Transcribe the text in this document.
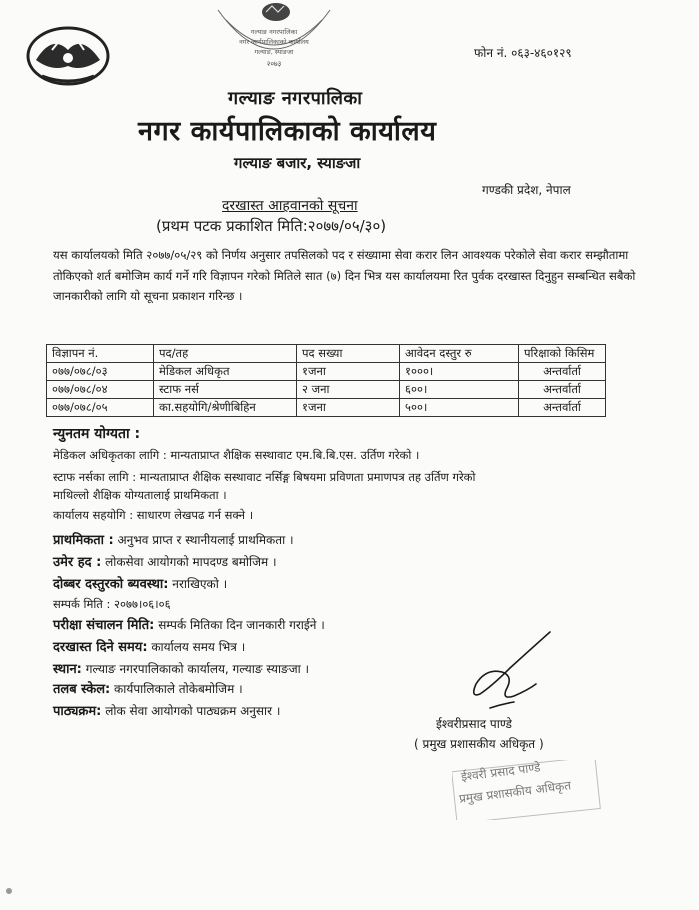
गल्याङ नगरपालिका
नगर कार्यपालिकाको कार्यालय
गल्याङ, स्याङजा
२०७३
फोन नं. ०६३-४६०१२९
गल्याङ नगरपालिका
नगर कार्यपालिकाको कार्यालय
गल्याङ बजार, स्याङजा
गण्डकी प्रदेश, नेपाल
दरखास्त आहवानको सूचना
(प्रथम पटक प्रकाशित मिति:२०७७/०५/३०)
यस कार्यालयको मिति २०७७/०५/२९ को निर्णय अनुसार तपसिलको पद र संख्यामा सेवा करार लिन आवश्यक परेकोले सेवा करार सम्झौतामा तोकिएको शर्त बमोजिम कार्य गर्ने गरि विज्ञापन गरेको मितिले सात (७) दिन भित्र यस कार्यालयमा रित पुर्वक दरखास्त दिनुहुन सम्बन्धित सबैको जानकारीको लागि यो सूचना प्रकाशन गरिन्छ ।
विज्ञापन नं.	पद/तह	पद सख्या	आवेदन दस्तुर रु	परिक्षाको किसिम
०७७/०७८/०३	मेडिकल अधिकृत	१जना	१०००।	अन्तर्वार्ता
०७७/०७८/०४	स्टाफ नर्स	२ जना	६००।	अन्तर्वार्ता
०७७/०७८/०५	का.सहयोगि/श्रेणीबिहिन	१जना	५००।	अन्तर्वार्ता
न्युनतम योग्यता :
मेडिकल अधिकृतका लागि : मान्यताप्राप्त शैक्षिक सस्थावाट एम.बि.बि.एस. उर्तिण गरेको ।
स्टाफ नर्सका लागि : मान्यताप्राप्त शैक्षिक सस्थावाट नर्सिङ्ग बिषयमा प्रविणता प्रमाणपत्र तह उर्तिण गरेको
माथिल्लो शैक्षिक योग्यतालाई प्राथमिकता ।
कार्यालय सहयोगि : साधारण लेखपढ गर्न सक्ने ।
प्राथमिकता : अनुभव प्राप्त र स्थानीयलाई प्राथमिकता ।
उमेर हद : लोकसेवा आयोगको मापदण्ड बमोजिम ।
दोब्बर दस्तुरको ब्यवस्था: नराखिएको ।
सम्पर्क मिति : २०७७।०६।०६
परीक्षा संचालन मिति: सम्पर्क मितिका दिन जानकारी गराईने ।
दरखास्त दिने समय: कार्यालय समय भित्र ।
स्थान: गल्याङ नगरपालिकाको कार्यालय, गल्याङ स्याङजा ।
तलब स्केल: कार्यपालिकाले तोकेबमोजिम ।
पाठ्यक्रम: लोक सेवा आयोगको पाठ्यक्रम अनुसार ।
ईश्वरीप्रसाद पाण्डे
( प्रमुख प्रशासकीय अधिकृत )
ईश्वरी प्रसाद पाण्डे
प्रमुख प्रशासकीय अधिकृत
